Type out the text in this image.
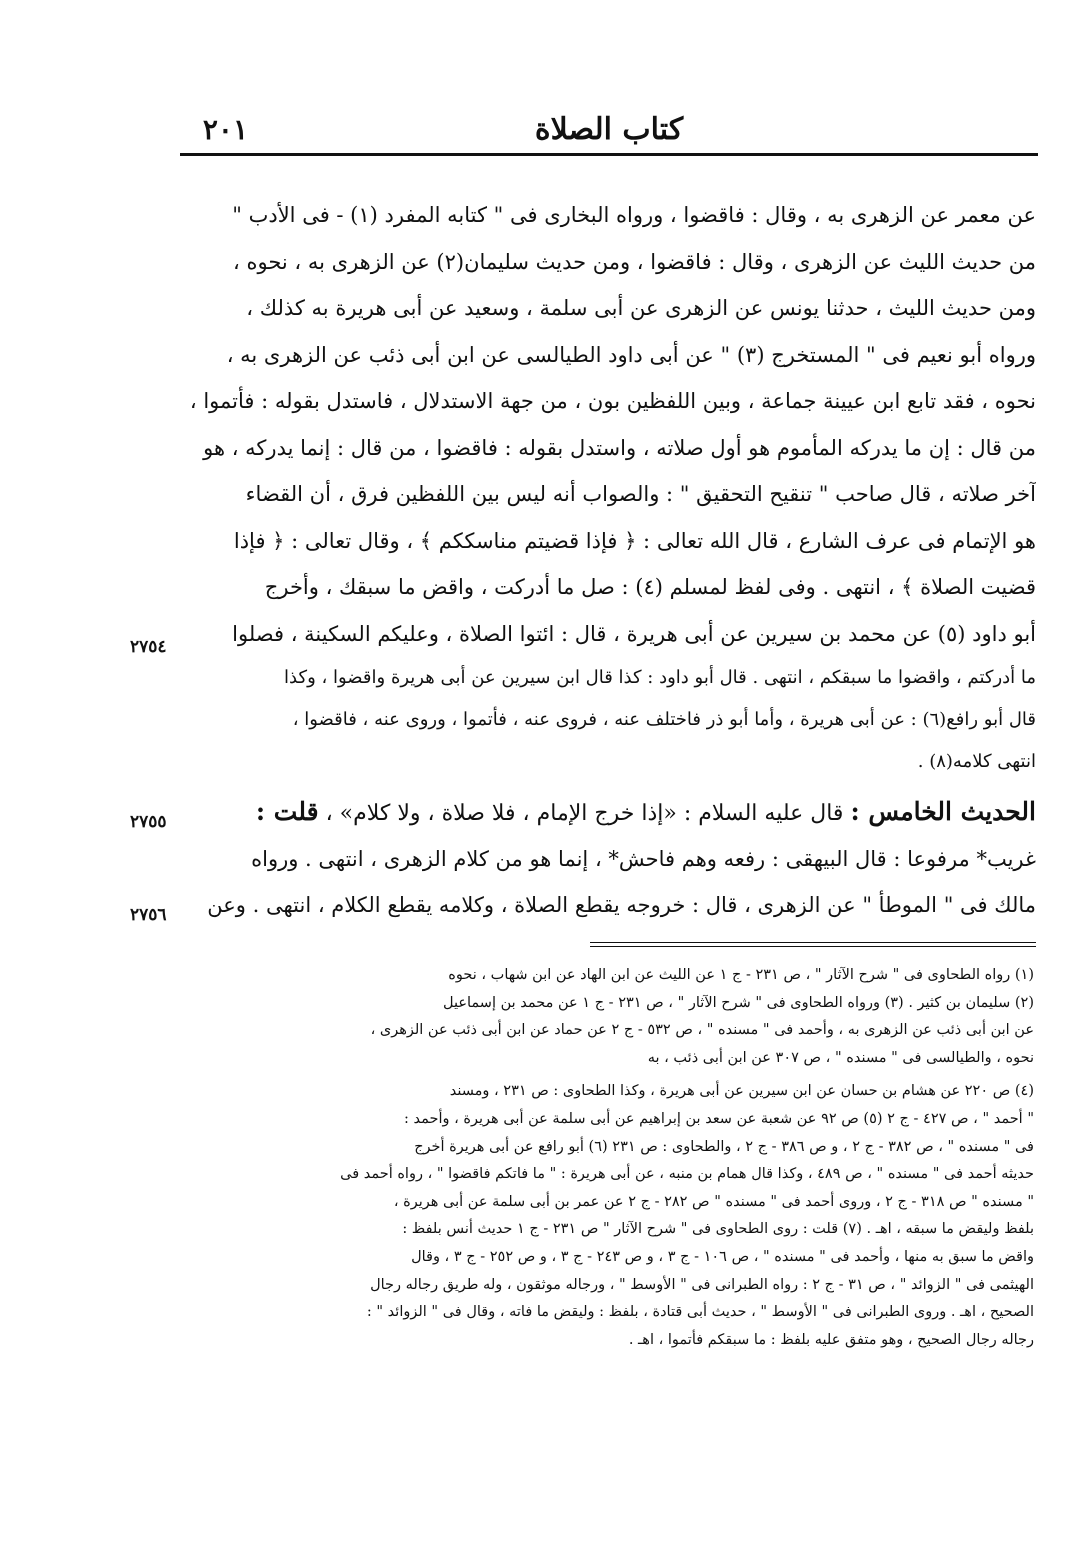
كتاب الصلاة
٢٠١
عن معمر عن الزهرى به ، وقال : فاقضوا ، ورواه البخارى فى " كتابه المفرد (١) - فى الأدب "
من حديث الليث عن الزهرى ، وقال : فاقضوا ، ومن حديث سليمان(٢) عن الزهرى به ، نحوه ،
ومن حديث الليث ، حدثنا يونس عن الزهرى عن أبى سلمة ، وسعيد عن أبى هريرة به كذلك ،
ورواه أبو نعيم فى " المستخرج (٣) " عن أبى داود الطيالسى عن ابن أبى ذئب عن الزهرى به ،
نحوه ، فقد تابع ابن عيينة جماعة ، وبين اللفظين بون ، من جهة الاستدلال ، فاستدل بقوله : فأتموا ،
من قال : إن ما يدركه المأموم هو أول صلاته ، واستدل بقوله : فاقضوا ، من قال : إنما يدركه ، هو
آخر صلاته ، قال صاحب " تنقيح التحقيق " : والصواب أنه ليس بين اللفظين فرق ، أن القضاء
هو الإتمام فى عرف الشارع ، قال الله تعالى : ﴿ فإذا قضيتم مناسككم ﴾ ، وقال تعالى : ﴿ فإذا
قضيت الصلاة ﴾ ، انتهى . وفى لفظ لمسلم (٤) : صل ما أدركت ، واقض ما سبقك ، وأخرج
أبو داود (٥) عن محمد بن سيرين عن أبى هريرة ، قال : ائتوا الصلاة ، وعليكم السكينة ، فصلوا
ما أدركتم ، واقضوا ما سبقكم ، انتهى . قال أبو داود : كذا قال ابن سيرين عن أبى هريرة واقضوا ، وكذا
قال أبو رافع(٦) : عن أبى هريرة ، وأما أبو ذر فاختلف عنه ، فروى عنه ، فأتموا ، وروى عنه ، فاقضوا ،
انتهى كلامه(٨) .
الحديث الخامس : قال عليه السلام : «إذا خرج الإمام ، فلا صلاة ، ولا كلام» ، قلت :
غريب* مرفوعا : قال البيهقى : رفعه وهم فاحش* ، إنما هو من كلام الزهرى ، انتهى . ورواه
مالك فى " الموطأ " عن الزهرى ، قال : خروجه يقطع الصلاة ، وكلامه يقطع الكلام ، انتهى . وعن
٢٧٥٤
٢٧٥٥
٢٧٥٦
(١) رواه الطحاوى فى " شرح الآثار " ، ص ٢٣١ - ج ١ عن الليث عن ابن الهاد عن ابن شهاب ، نحوه
(٢) سليمان بن كثير . (٣) ورواه الطحاوى فى " شرح الآثار " ، ص ٢٣١ - ج ١ عن محمد بن إسماعيل
عن ابن أبى ذئب عن الزهرى به ، وأحمد فى " مسنده " ، ص ٥٣٢ - ج ٢ عن حماد عن ابن أبى ذئب عن الزهرى ،
نحوه ، والطيالسى فى " مسنده " ، ص ٣٠٧ عن ابن أبى ذئب ، به
(٤) ص ٢٢٠ عن هشام بن حسان عن ابن سيرين عن أبى هريرة ، وكذا الطحاوى : ص ٢٣١ ، ومسند
" أحمد " ، ص ٤٢٧ - ج ٢ (٥) ص ٩٢ عن شعبة عن سعد بن إبراهيم عن أبى سلمة عن أبى هريرة ، وأحمد :
فى " مسنده " ، ص ٣٨٢ - ج ٢ ، و ص ٣٨٦ - ج ٢ ، والطحاوى : ص ٢٣١ (٦) أبو رافع عن أبى هريرة أخرج
حديثه أحمد فى " مسنده " ، ص ٤٨٩ ، وكذا قال همام بن منبه ، عن أبى هريرة : " ما فاتكم فاقضوا " ، رواه أحمد فى
" مسنده " ص ٣١٨ - ج ٢ ، وروى أحمد فى " مسنده " ص ٢٨٢ - ج ٢ عن عمر بن أبى سلمة عن أبى هريرة ،
بلفظ وليقض ما سبقه ، اهـ . (٧) قلت : روى الطحاوى فى " شرح الآثار " ص ٢٣١ - ج ١ حديث أنس بلفظ :
واقض ما سبق به منها ، وأحمد فى " مسنده " ، ص ١٠٦ - ج ٣ ، و ص ٢٤٣ - ج ٣ ، و ص ٢٥٢ - ج ٣ ، وقال
الهيثمى فى " الزوائد " ، ص ٣١ - ج ٢ : رواه الطبرانى فى " الأوسط " ، ورجاله موثقون ، وله طريق رجاله رجال
الصحيح ، اهـ . وروى الطبرانى فى " الأوسط " ، حديث أبى قتادة ، بلفظ : وليقض ما فاته ، وقال فى " الزوائد " :
رجاله رجال الصحيح ، وهو متفق عليه بلفظ : ما سبقكم فأتموا ، اهـ .
